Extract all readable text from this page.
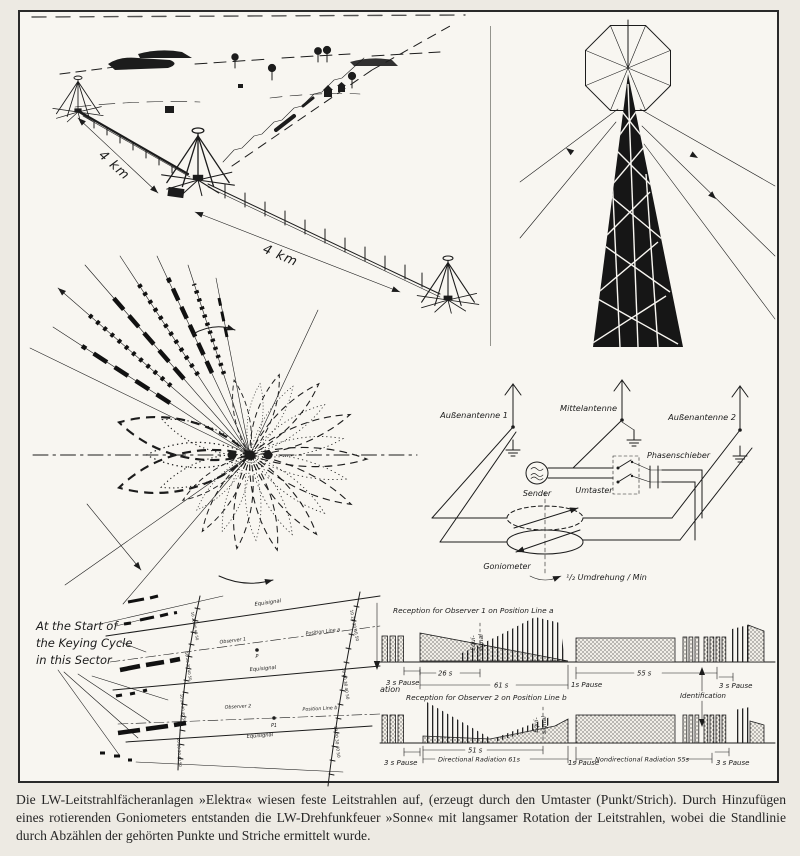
4 km
4 km
Außenantenne 1
Mittelantenne
Außenantenne 2
Sender	Umtaster
Phasenschieber
Goniometer
¹/₂ Umdrehung / Min
At the Start of
the Keying Cycle
in this Sector
10 20 30 40 50
10 20 30 40 50
10 20 30 40 50
10 20 30 40 50
10 20 30 40 50
10 20 30 40 50
10 20 30 40 50
Equisignal
Observer 1
Position Line a
P
Equisignal
Observer 2	Position Line b
P1
Equisignal
ation
Reception for Observer 1 on Position Line a
Equi- signal
26 s
61 s
55 s
3 s Pause	1s Pause	3 s Pause
Identification
Reception for Observer 2 on Position Line b
Equi- signal
51 s
Directional Radiation 61s	Nondirectional Radiation 55s
3 s Pause	1s Pause	3 s Pause
Die LW-Leitstrahlfächeranlagen »Elektra« wiesen feste Leitstrahlen auf, (erzeugt durch den Umtaster (Punkt/Strich). Durch Hinzufügen eines rotierenden Goniometers entstanden die LW-Drehfunkfeuer »Sonne« mit langsamer Rotation der Leitstrahlen, wobei die Standlinie durch Abzählen der gehörten Punkte und Striche ermittelt wurde.
